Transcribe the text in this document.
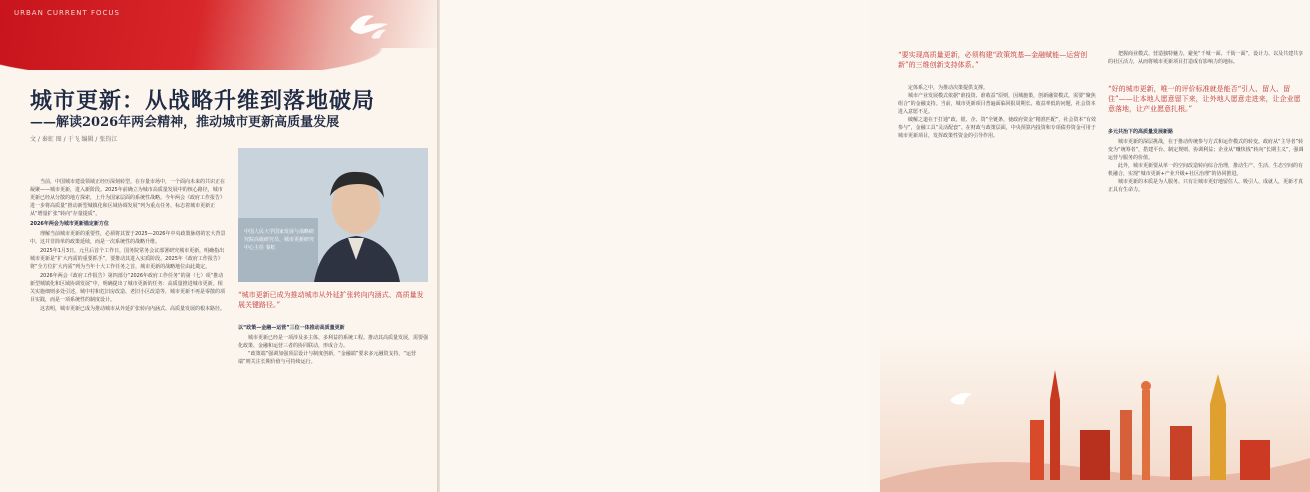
URBAN CURRENT FOCUS
城市更新：从战略升维到落地破局
——解读2026年两会精神，推动城市更新高质量发展
文 / 秦虹 图 / 于飞 编辑 / 张钧江

当前，中国城市建设领域正经历深刻转型。在存量市场中，一个面向未来的共识正在凝聚——城市更新，进入新阶段。2025年前确立为城市高质量发展中的核心路径，城市更新已经从分散的地方探索，上升为国家层面的系统性战略。今年两会《政府工作报告》进一步将高质量“推动新型城镇化和区域协调发展”列为重点任务，标志着城市更新正从“增量扩张”转向“存量提质”。

2026年两会为城市更新锚定新方位

理解当前城市更新的重要性，必须将其置于2025—2026年中央政策脉络的宏大背景中。这并非简单的政策延续，而是一次系统性的战略升维。

2025年1月3日，元旦后首个工作日，国务院常务会议部署研究城市更新，明确指出城市更新是“扩大内需的重要抓手”，要推动其进入实质阶段。2025年《政府工作报告》将“全方位扩大内需”列为当年十大工作任务之首，城市更新的战略地位由此奠定。

2026年两会《政府工作报告》第四部分“2026年政府工作任务”的第（七）项“推动新型城镇化和区域协调发展”中，明确提出了城市更新的任务：高质量推进城市更新。相关实施细则多处引述，城中村和危旧房改造、老旧小区改造等，城市更新不再是零散的项目实践，而是一项系统性的制度设计。

这表明，城市更新已成为推动城市从外延扩张转向内涵式、高质量发展的根本路径。

中国人民大学国家发展与战略研究院高级研究员、城市更新研究中心主任 秦虹
“城市更新已成为推动城市从外延扩张转向内涵式、高质量发展关键路径。”

以“政策—金融—运营”三位一体推动高质量更新

城市更新已经是一项涉及多主体、多利益的系统工程。推动其高质量发展，需要强化政策、金融和运营三者的协同联动，形成合力。

“政策端”强调加强顶层设计与制度创新，“金融端”要求多元融资支持，“运营端”则关注长期价值与可持续运行。

“要实现高质量更新，必须构建“政策筑基—金融赋能—运营创新”的三维创新支持体系。”

定体系之中，为推动决策提供支撑。

城市产业发展模式依据“谁投资、谁收益”原则，因城施策，创新融资模式，需要“聚焦组合”的金融支持。当前，城市更新项目普遍面临回报周期长、收益率低的问题，社会资本进入意愿不足。

破解之道在于打通“政、银、企、资”全链条，使政府资金“精准匹配”，社会资本“有效参与”，金融工具“灵活配套”。在财政与政策层面，中央预算内投资和专项债券资金可用于城市更新项目，发挥政策性资金的引导作用。

把握商业模式、营造独特魅力，避免“千城一面、千街一面”，设计力、以及共建共享的社区活力，从而将城市更新项目打造成有影响力的地标。

“好的城市更新，唯一的评价标准就是能否“引人、留人、留住”——让本地人愿意留下来，让外地人愿意走进来，让企业愿意落地，让产业愿意扎根。”

多元共治下的高质量发展新路

城市更新的深层挑战，在于推动传统参与方式和运作模式的转变。政府从“主导者”转变为“统筹者”，搭建平台、制定规则、协调利益；企业从“赚快钱”转向“长期主义”，强调运营与服务的价值。

此外，城市更新要从单一的空间改造转向综合治理，推动生产、生活、生态空间的有机融合，实现“城市更新+产业升级+社区治理”的协同推进。

城市更新的本质是为人服务。只有让城市更好地留住人、吸引人、成就人，更新才真正具有生命力。
